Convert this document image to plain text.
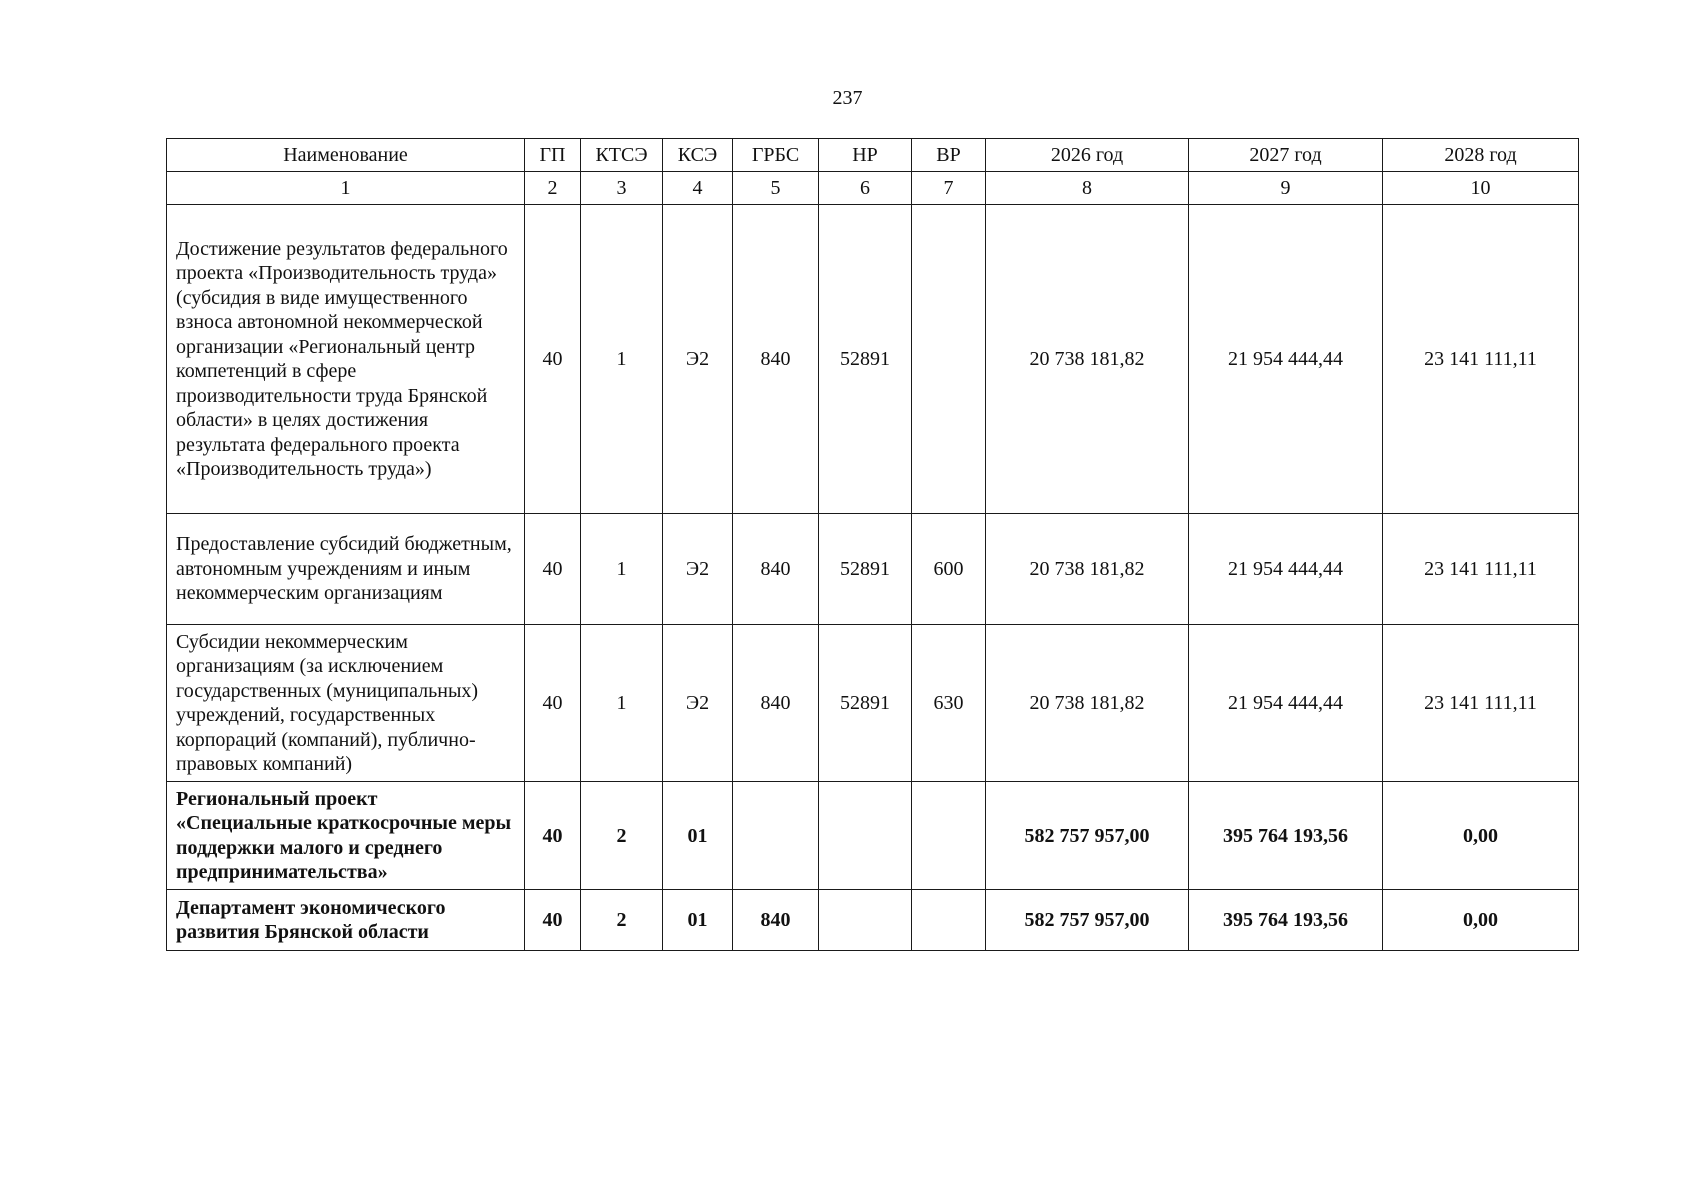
237
Наименование	ГП	КТСЭ	КСЭ	ГРБС	НР	ВР	2026 год	2027 год	2028 год
1	2	3	4	5	6	7	8	9	10
Достижение результатов федерального проекта «Производительность труда» (субсидия в виде имущественного взноса автономной некоммерческой организации «Региональный центр компетенций в сфере производительности труда Брянской области» в целях достижения результата федерального проекта «Производительность труда»)	40	1	Э2	840	52891		20 738 181,82	21 954 444,44	23 141 111,11
Предоставление субсидий бюджетным, автономным учреждениям и иным некоммерческим организациям	40	1	Э2	840	52891	600	20 738 181,82	21 954 444,44	23 141 111,11
Субсидии некоммерческим организациям (за исключением государственных (муниципальных) учреждений, государственных корпораций (компаний), публично-правовых компаний)	40	1	Э2	840	52891	630	20 738 181,82	21 954 444,44	23 141 111,11
Региональный проект «Специальные краткосрочные меры поддержки малого и среднего предпринимательства»	40	2	01				582 757 957,00	395 764 193,56	0,00
Департамент экономического развития Брянской области	40	2	01	840			582 757 957,00	395 764 193,56	0,00
